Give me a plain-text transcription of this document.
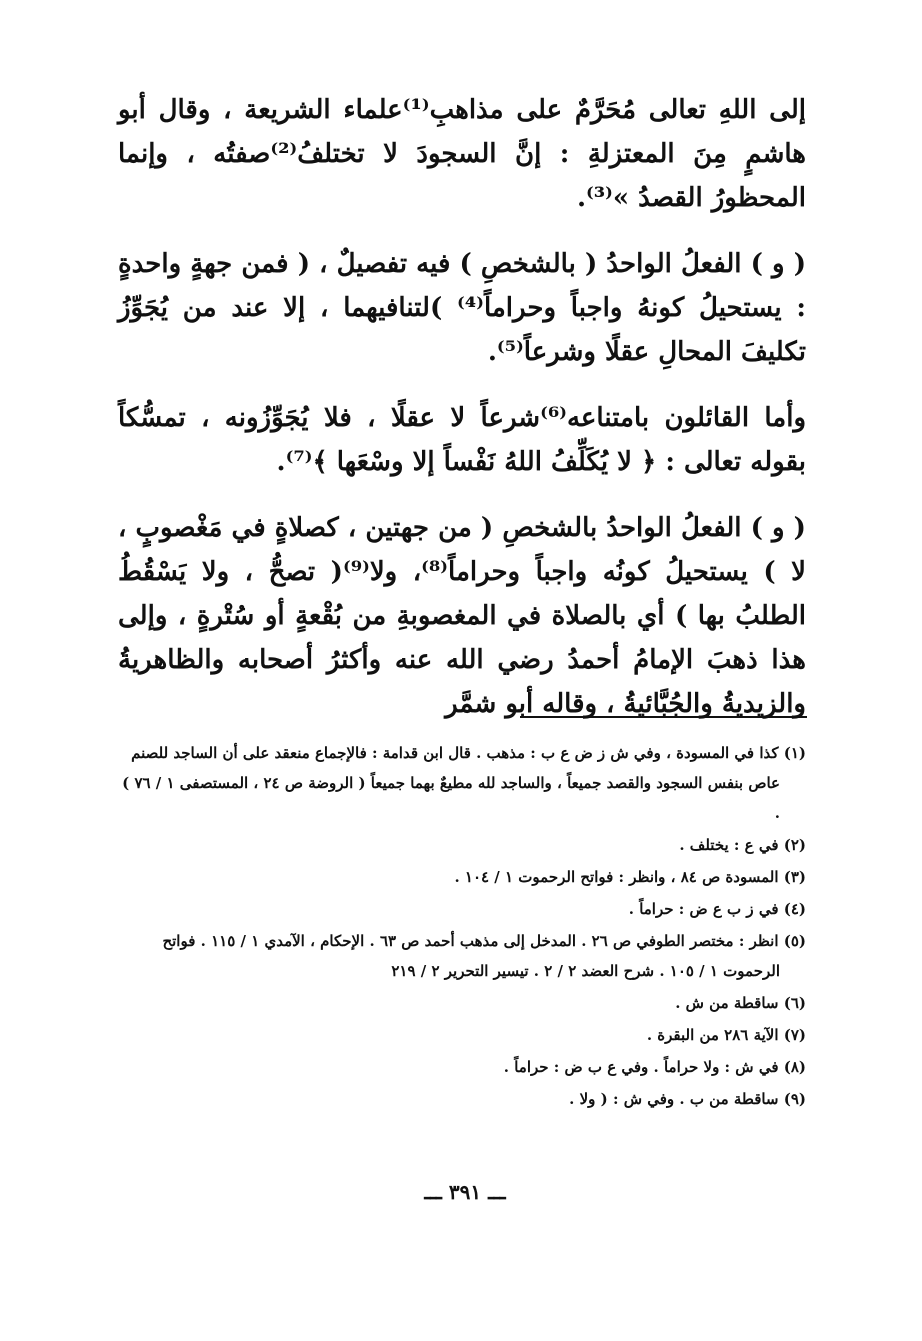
إلى اللهِ تعالى مُحَرَّمٌ على مذاهبِ⁽¹⁾علماء الشريعة ، وقال أبو هاشمٍ مِنَ المعتزلةِ : إنَّ السجودَ لا تختلفُ⁽²⁾صفتُه ، وإنما المحظورُ القصدُ »⁽³⁾.

( و ) الفعلُ الواحدُ ( بالشخصِ ) فيه تفصيلٌ ، ( فمن جهةٍ واحدةٍ : يستحيلُ كونهُ واجباً وحراماً⁽⁴⁾ )لتنافيهما ، إلا عند من يُجَوِّزُ تكليفَ المحالِ عقلًا وشرعاً⁽⁵⁾.

وأما القائلون بامتناعه⁽⁶⁾شرعاً لا عقلًا ، فلا يُجَوِّزُونه ، تمسُّكاً بقوله تعالى : ﴿ لا يُكَلِّفُ اللهُ نَفْساً إلا وسْعَها ﴾⁽⁷⁾.

( و ) الفعلُ الواحدُ بالشخصِ ( من جهتين ، كصلاةٍ في مَغْصوبٍ ، لا ) يستحيلُ كونُه واجباً وحراماً⁽⁸⁾، ولا⁽⁹⁾( تصحُّ ، ولا يَسْقُطُ الطلبُ بها ) أي بالصلاة في المغصوبةِ من بُقْعةٍ أو سُتْرةٍ ، وإلى هذا ذهبَ الإمامُ أحمدُ رضي الله عنه وأكثرُ أصحابه والظاهريةُ والزيديةُ والجُبَّائيةُ ، وقاله أبو شمَّر

(١) كذا في المسودة ، وفي ش ز ض ع ب : مذهب . قال ابن قدامة : فالإجماع منعقد على أن الساجد للصنم عاص بنفس السجود والقصد جميعاً ، والساجد لله مطيعٌ بهما جميعاً ( الروضة ص ٢٤ ، المستصفى ١ / ٧٦ ) .

(٢) في ع : يختلف .

(٣) المسودة ص ٨٤ ، وانظر : فواتح الرحموت ١ / ١٠٤ .

(٤) في ز ب ع ض : حراماً .

(٥) انظر : مختصر الطوفي ص ٢٦ . المدخل إلى مذهب أحمد ص ٦٣ . الإحكام ، الآمدي ١ / ١١٥ . فواتح الرحموت ١ / ١٠٥ . شرح العضد ٢ / ٢ . تيسير التحرير ٢ / ٢١٩

(٦) ساقطة من ش .

(٧) الآية ٢٨٦ من البقرة .

(٨) في ش : ولا حراماً . وفي ع ب ض : حراماً .

(٩) ساقطة من ب . وفي ش : ( ولا .

ـــ ٣٩١ ـــ
